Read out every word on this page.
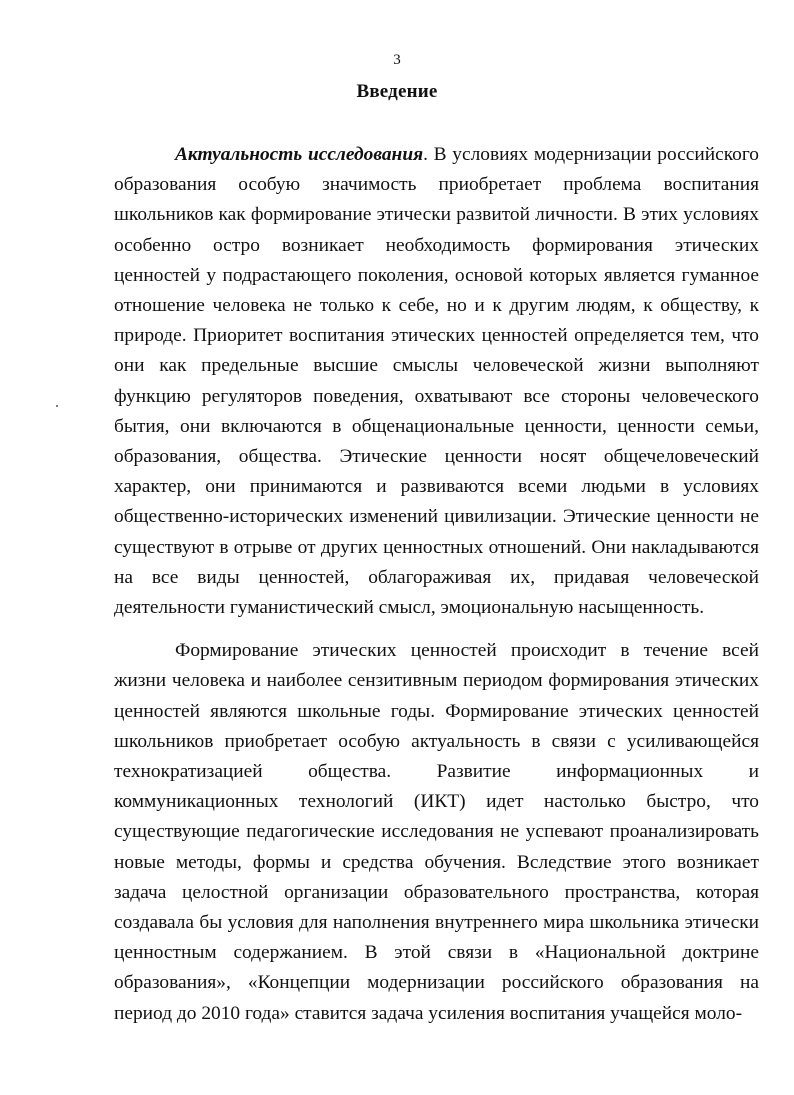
3
Введение

Актуальность исследования. В условиях модернизации российского образования особую значимость приобретает проблема воспитания школьников как формирование этически развитой личности. В этих условиях особенно остро возникает необходимость формирования этических ценностей у подрастающего поколения, основой которых является гуманное отношение человека не только к себе, но и к другим людям, к обществу, к природе. Приоритет воспитания этических ценностей определяется тем, что они как предельные высшие смыслы человеческой жизни выполняют функцию регуляторов поведения, охватывают все стороны человеческого бытия, они включаются в общенациональные ценности, ценности семьи, образования, общества. Этические ценности носят общечеловеческий характер, они принимаются и развиваются всеми людьми в условиях общественно-исторических изменений цивилизации. Этические ценности не существуют в отрыве от других ценностных отношений. Они накладываются на все виды ценностей, облагораживая их, придавая человеческой деятельности гуманистический смысл, эмоциональную насыщенность.

Формирование этических ценностей происходит в течение всей жизни человека и наиболее сензитивным периодом формирования этических ценностей являются школьные годы. Формирование этических ценностей школьников приобретает особую актуальность в связи с усиливающейся технократизацией общества. Развитие информационных и коммуникационных технологий (ИКТ) идет настолько быстро, что существующие педагогические исследования не успевают проанализировать новые методы, формы и средства обучения. Вследствие этого возникает задача целостной организации образовательного пространства, которая создавала бы условия для наполнения внутреннего мира школьника этически ценностным содержанием. В этой связи в «Национальной доктрине образования», «Концепции модернизации российского образования на период до 2010 года» ставится задача усиления воспитания учащейся моло-
